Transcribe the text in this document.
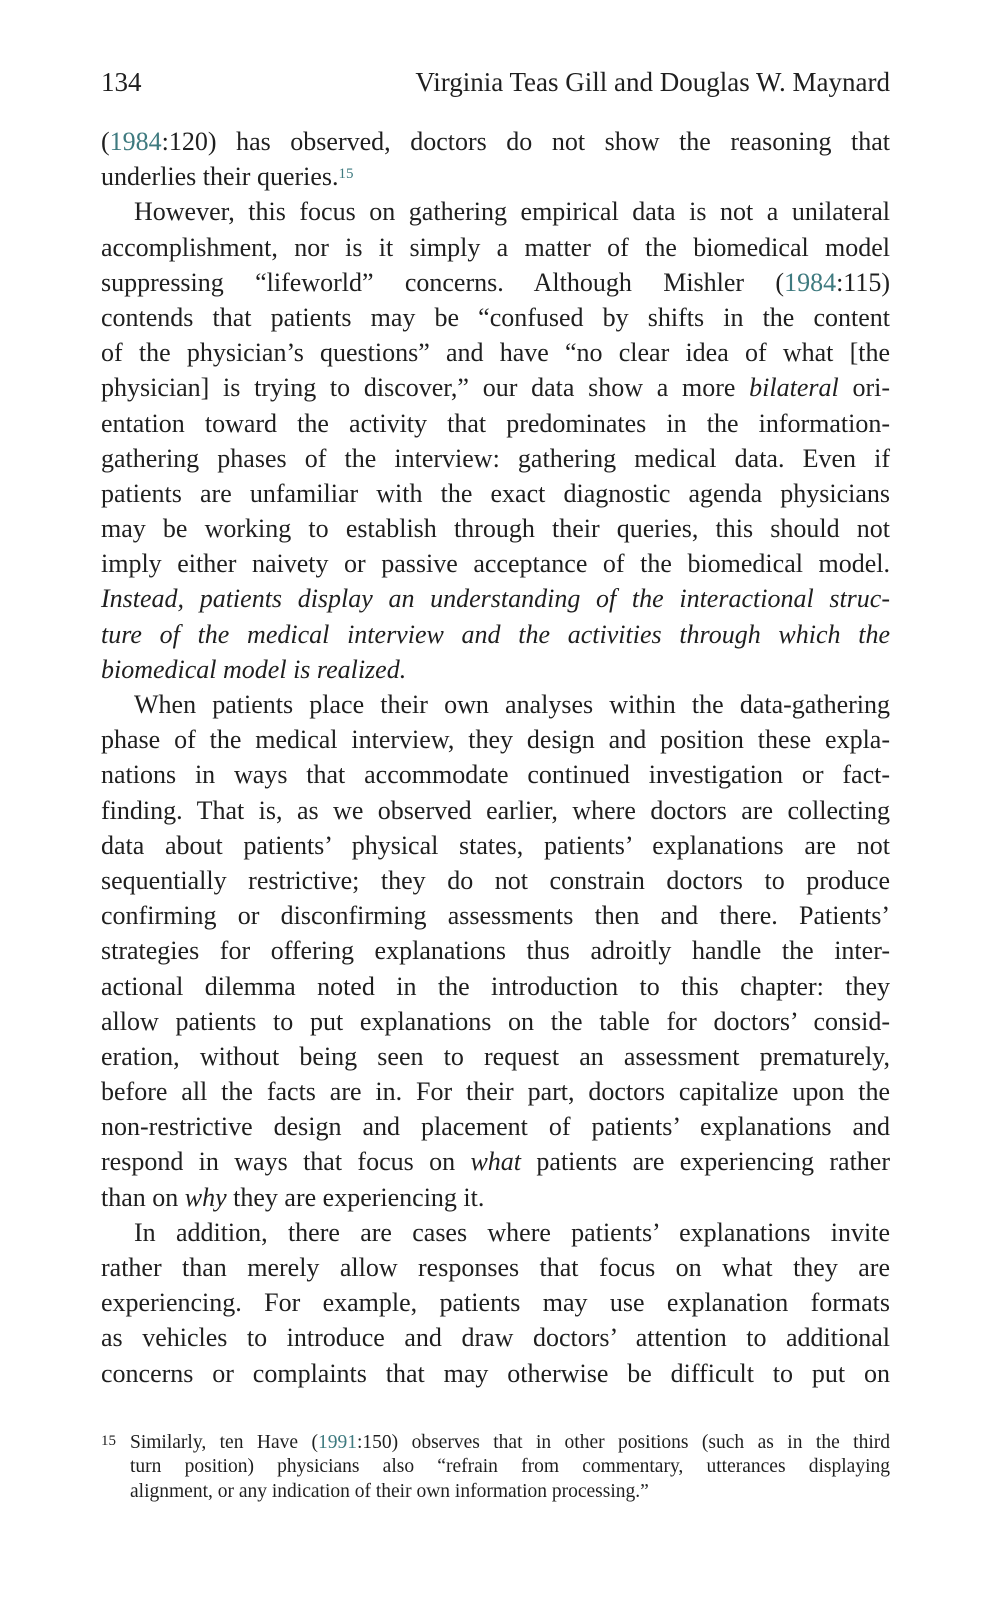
134	Virginia Teas Gill and Douglas W. Maynard
(1984:120) has observed, doctors do not show the reasoning that
underlies their queries.$^{15}$
However, this focus on gathering empirical data is not a unilateral
accomplishment, nor is it simply a matter of the biomedical model
suppressing “lifeworld” concerns. Although Mishler (1984:115)
contends that patients may be “confused by shifts in the content
of the physician’s questions” and have “no clear idea of what [the
physician] is trying to discover,” our data show a more bilateral ori-
entation toward the activity that predominates in the information-
gathering phases of the interview: gathering medical data. Even if
patients are unfamiliar with the exact diagnostic agenda physicians
may be working to establish through their queries, this should not
imply either naivety or passive acceptance of the biomedical model.
Instead, patients display an understanding of the interactional struc-
ture of the medical interview and the activities through which the
biomedical model is realized.
When patients place their own analyses within the data-gathering
phase of the medical interview, they design and position these expla-
nations in ways that accommodate continued investigation or fact-
finding. That is, as we observed earlier, where doctors are collecting
data about patients’ physical states, patients’ explanations are not
sequentially restrictive; they do not constrain doctors to produce
confirming or disconfirming assessments then and there. Patients’
strategies for offering explanations thus adroitly handle the inter-
actional dilemma noted in the introduction to this chapter: they
allow patients to put explanations on the table for doctors’ consid-
eration, without being seen to request an assessment prematurely,
before all the facts are in. For their part, doctors capitalize upon the
non-restrictive design and placement of patients’ explanations and
respond in ways that focus on what patients are experiencing rather
than on why they are experiencing it.
In addition, there are cases where patients’ explanations invite
rather than merely allow responses that focus on what they are
experiencing. For example, patients may use explanation formats
as vehicles to introduce and draw doctors’ attention to additional
concerns or complaints that may otherwise be difficult to put on
15 Similarly, ten Have (1991:150) observes that in other positions (such as in the third
turn position) physicians also “refrain from commentary, utterances displaying
alignment, or any indication of their own information processing.”
